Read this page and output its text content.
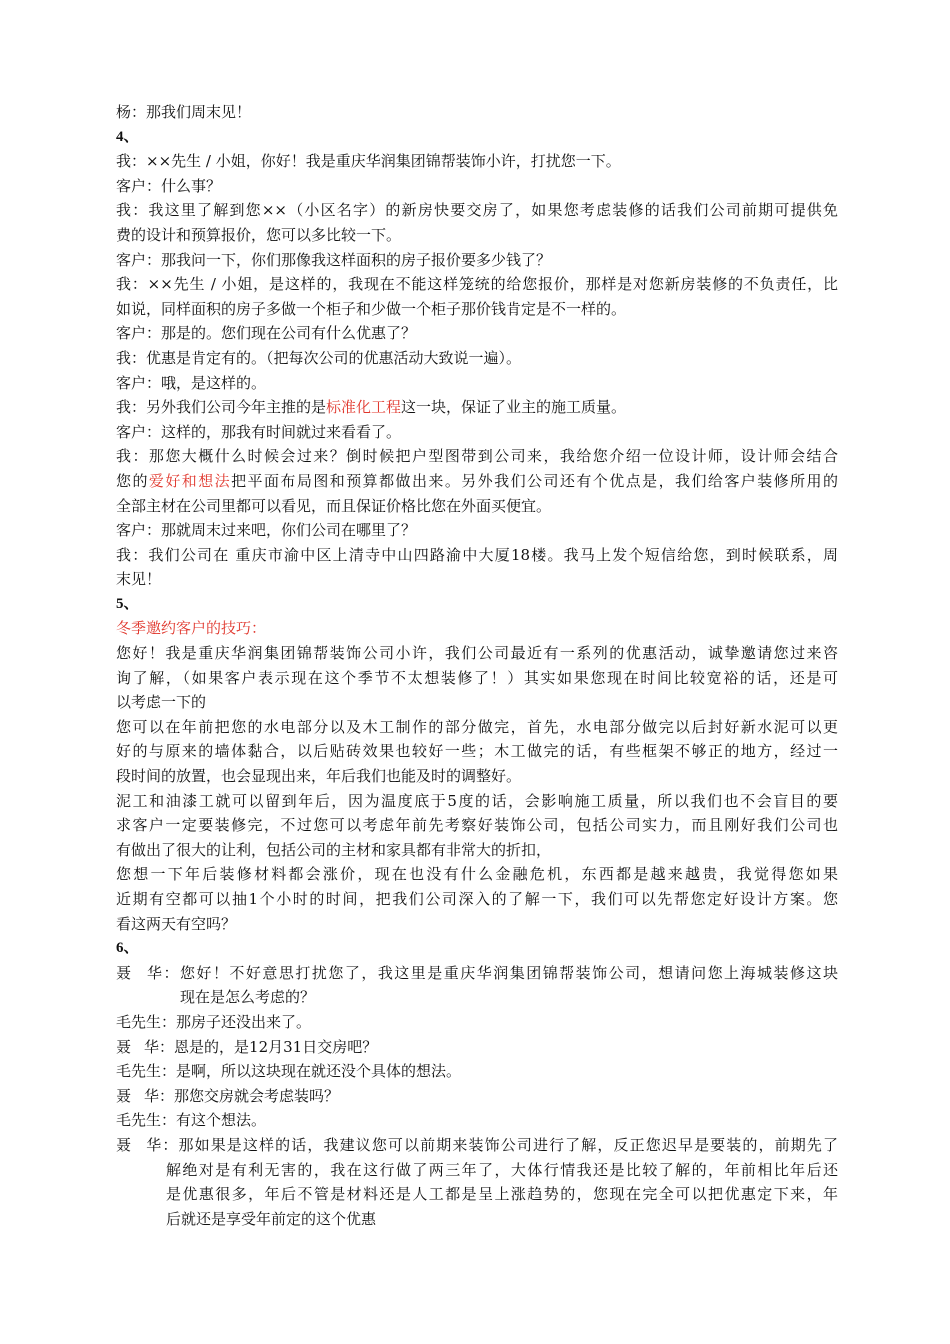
杨：那我们周末见！
4、
我：××先生 / 小姐，你好！我是重庆华润集团锦帮装饰小许，打扰您一下。
客户：什么事？
我：我这里了解到您××（小区名字）的新房快要交房了，如果您考虑装修的话我们公司前期可提供免
费的设计和预算报价，您可以多比较一下。
客户：那我问一下，你们那像我这样面积的房子报价要多少钱了？
我：××先生 / 小姐，是这样的，我现在不能这样笼统的给您报价，那样是对您新房装修的不负责任，比
如说，同样面积的房子多做一个柜子和少做一个柜子那价钱肯定是不一样的。
客户：那是的。您们现在公司有什么优惠了？
我：优惠是肯定有的。（把每次公司的优惠活动大致说一遍）。
客户：哦，是这样的。
我：另外我们公司今年主推的是标准化工程这一块，保证了业主的施工质量。
客户：这样的，那我有时间就过来看看了。
我：那您大概什么时候会过来？倒时候把户型图带到公司来，我给您介绍一位设计师，设计师会结合
您的爱好和想法把平面布局图和预算都做出来。另外我们公司还有个优点是，我们给客户装修所用的
全部主材在公司里都可以看见，而且保证价格比您在外面买便宜。
客户：那就周末过来吧，你们公司在哪里了？
我：我们公司在 重庆市渝中区上清寺中山四路渝中大厦18楼。我马上发个短信给您，到时候联系，周
末见！
5、
冬季邀约客户的技巧：
您好！我是重庆华润集团锦帮装饰公司小许，我们公司最近有一系列的优惠活动，诚挚邀请您过来咨
询了解，（如果客户表示现在这个季节不太想装修了！）其实如果您现在时间比较宽裕的话，还是可
以考虑一下的
您可以在年前把您的水电部分以及木工制作的部分做完，首先，水电部分做完以后封好新水泥可以更
好的与原来的墙体黏合，以后贴砖效果也较好一些；木工做完的话，有些框架不够正的地方，经过一
段时间的放置，也会显现出来，年后我们也能及时的调整好。
泥工和油漆工就可以留到年后，因为温度底于5度的话，会影响施工质量，所以我们也不会盲目的要
求客户一定要装修完，不过您可以考虑年前先考察好装饰公司，包括公司实力，而且刚好我们公司也
有做出了很大的让利，包括公司的主材和家具都有非常大的折扣，
您想一下年后装修材料都会涨价，现在也没有什么金融危机，东西都是越来越贵，我觉得您如果
近期有空都可以抽1个小时的时间，把我们公司深入的了解一下，我们可以先帮您定好设计方案。您
看这两天有空吗？
6、
聂 华：您好！不好意思打扰您了，我这里是重庆华润集团锦帮装饰公司，想请问您上海城装修这块
现在是怎么考虑的？
毛先生：那房子还没出来了。
聂 华：恩是的，是12月31日交房吧？
毛先生：是啊，所以这块现在就还没个具体的想法。
聂 华：那您交房就会考虑装吗？
毛先生：有这个想法。
聂 华：那如果是这样的话，我建议您可以前期来装饰公司进行了解，反正您迟早是要装的，前期先了
解绝对是有利无害的，我在这行做了两三年了，大体行情我还是比较了解的，年前相比年后还
是优惠很多，年后不管是材料还是人工都是呈上涨趋势的，您现在完全可以把优惠定下来，年
后就还是享受年前定的这个优惠
